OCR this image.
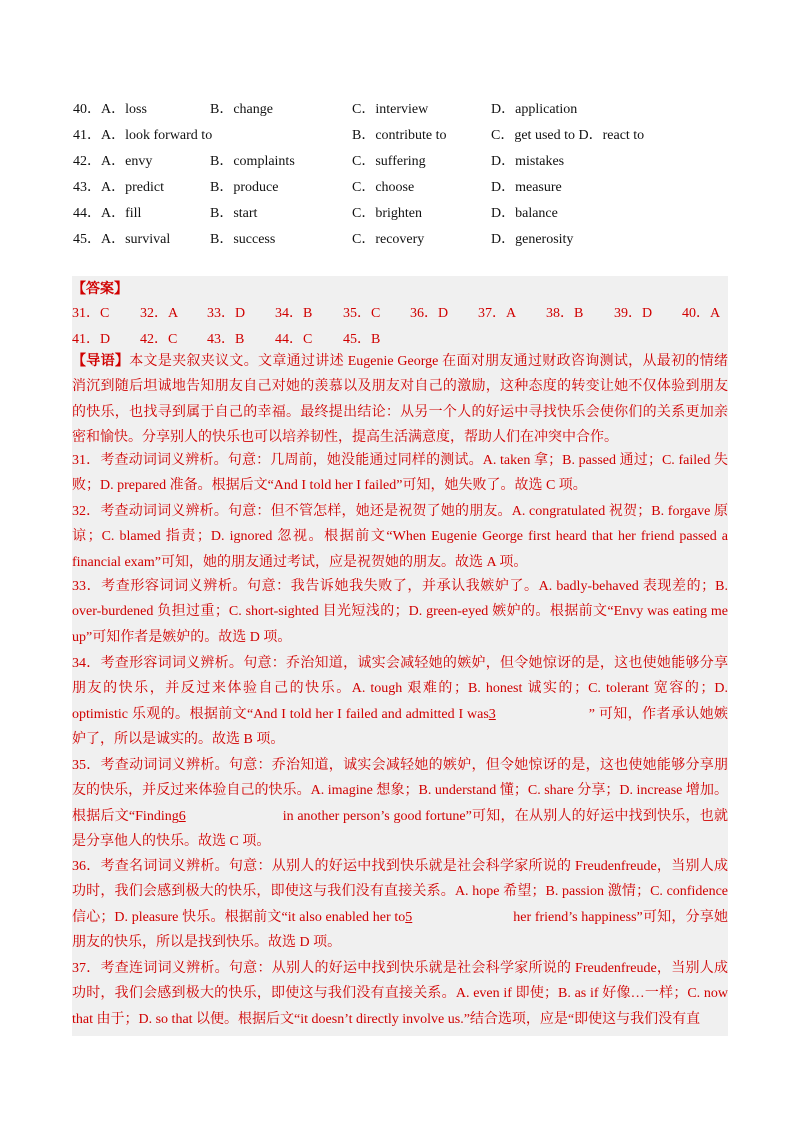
40．A．loss	B．change	C．interview	D．application
41．A．look forward to	B．contribute to	C．get used to D．react to
42．A．envy	B．complaints	C．suffering	D．mistakes
43．A．predict	B．produce	C．choose	D．measure
44．A．fill	B．start	C．brighten	D．balance
45．A．survival	B．success	C．recovery	D．generosity
【答案】
31．C 32．A 33．D 34．B 35．C 36．D 37．A 38．B 39．D 40．A
41．D 42．C 43．B 44．C 45．B

【导语】本文是夹叙夹议文。文章通过讲述 Eugenie George 在面对朋友通过财政咨询测试，从最初的情绪消沉到随后坦诚地告知朋友自己对她的羡慕以及朋友对自己的激励，这种态度的转变让她不仅体验到朋友的快乐，也找寻到属于自己的幸福。最终提出结论：从另一个人的好运中寻找快乐会使你们的关系更加亲密和愉快。分享别人的快乐也可以培养韧性，提高生活满意度，帮助人们在冲突中合作。

31．考查动词词义辨析。句意：几周前，她没能通过同样的测试。A. taken 拿；B. passed 通过；C. failed 失败；D. prepared 准备。根据后文“And I told her I failed”可知，她失败了。故选 C 项。

32．考查动词词义辨析。句意：但不管怎样，她还是祝贺了她的朋友。A. congratulated 祝贺；B. forgave 原谅；C. blamed 指责；D. ignored 忽视。根据前文“When Eugenie George first heard that her friend passed a financial exam”可知，她的朋友通过考试，应是祝贺她的朋友。故选 A 项。

33．考查形容词词义辨析。句意：我告诉她我失败了，并承认我嫉妒了。A. badly-behaved 表现差的；B. over-burdened 负担过重；C. short-sighted 目光短浅的；D. green-eyed 嫉妒的。根据前文“Envy was eating me up”可知作者是嫉妒的。故选 D 项。

34．考查形容词词义辨析。句意：乔治知道，诚实会减轻她的嫉妒，但令她惊讶的是，这也使她能够分享朋友的快乐，并反过来体验自己的快乐。A. tough 艰难的；B. honest 诚实的；C. tolerant 宽容的；D. optimistic 乐观的。根据前文“And I told her I failed and admitted I was3	” 可知，作者承认她嫉妒了，所以是诚实的。故选 B 项。

35．考查动词词义辨析。句意：乔治知道，诚实会减轻她的嫉妒，但令她惊讶的是，这也使她能够分享朋友的快乐，并反过来体验自己的快乐。A. imagine 想象；B. understand 懂；C. share 分享；D. increase 增加。根据后文“Finding6	in another person’s good fortune”可知，在从别人的好运中找到快乐，也就是分享他人的快乐。故选 C 项。

36．考查名词词义辨析。句意：从别人的好运中找到快乐就是社会科学家所说的 Freudenfreude，当别人成功时，我们会感到极大的快乐，即使这与我们没有直接关系。A. hope 希望；B. passion 激情；C. confidence 信心；D. pleasure 快乐。根据前文“it also enabled her to5	her friend’s happiness”可知，分享她朋友的快乐，所以是找到快乐。故选 D 项。

37．考查连词词义辨析。句意：从别人的好运中找到快乐就是社会科学家所说的 Freudenfreude，当别人成功时，我们会感到极大的快乐，即使这与我们没有直接关系。A. even if 即使；B. as if 好像…一样；C. now that 由于；D. so that 以便。根据后文“it doesn’t directly involve us.”结合选项，应是“即使这与我们没有直
